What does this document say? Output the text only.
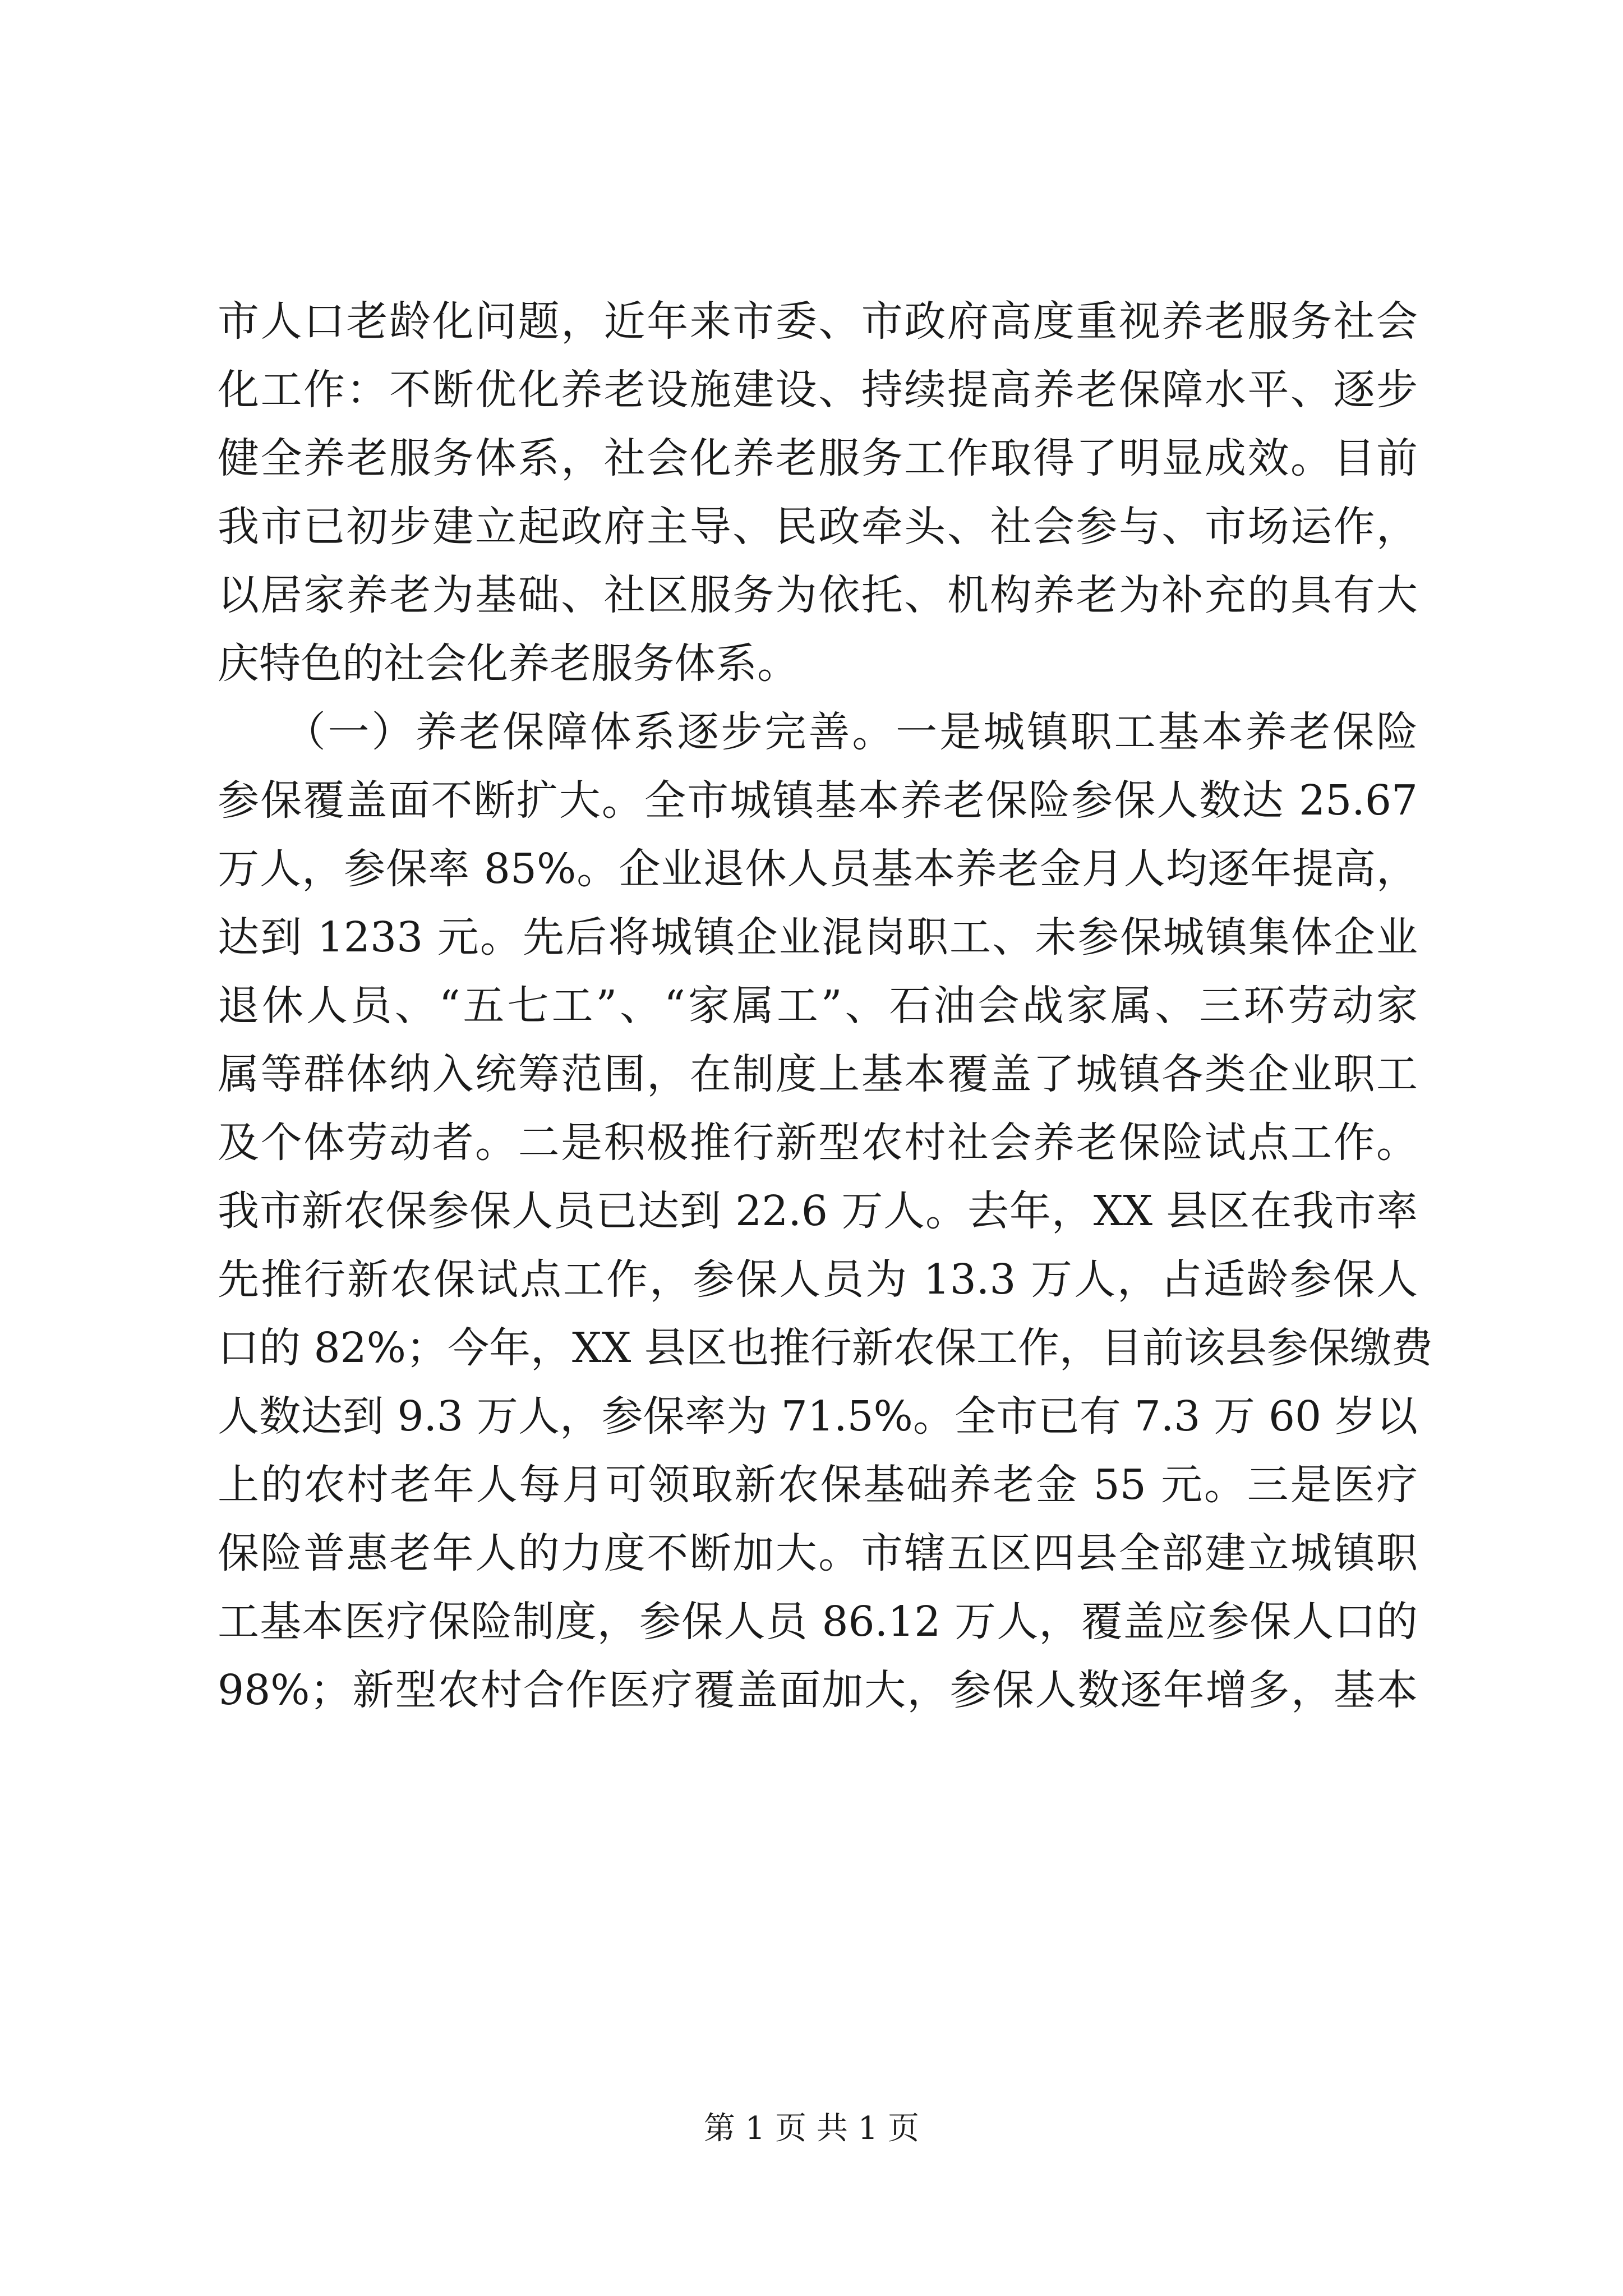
市人口老龄化问题，近年来市委、市政府高度重视养老服务社会
化工作：不断优化养老设施建设、持续提高养老保障水平、逐步
健全养老服务体系，社会化养老服务工作取得了明显成效。目前
我市已初步建立起政府主导、民政牵头、社会参与、市场运作，
以居家养老为基础、社区服务为依托、机构养老为补充的具有大
庆特色的社会化养老服务体系。
　　（一）养老保障体系逐步完善。一是城镇职工基本养老保险
参保覆盖面不断扩大。全市城镇基本养老保险参保人数达 25.67
万人，参保率 85%。企业退休人员基本养老金月人均逐年提高，
达到 1233 元。先后将城镇企业混岗职工、未参保城镇集体企业
退休人员、“五七工”、“家属工”、石油会战家属、三环劳动家
属等群体纳入统筹范围，在制度上基本覆盖了城镇各类企业职工
及个体劳动者。二是积极推行新型农村社会养老保险试点工作。
我市新农保参保人员已达到 22.6 万人。去年，XX 县区在我市率
先推行新农保试点工作，参保人员为 13.3 万人，占适龄参保人
口的 82%；今年，XX 县区也推行新农保工作，目前该县参保缴费
人数达到 9.3 万人，参保率为 71.5%。全市已有 7.3 万 60 岁以
上的农村老年人每月可领取新农保基础养老金 55 元。三是医疗
保险普惠老年人的力度不断加大。市辖五区四县全部建立城镇职
工基本医疗保险制度，参保人员 86.12 万人，覆盖应参保人口的
98%；新型农村合作医疗覆盖面加大，参保人数逐年增多，基本
第 1 页 共 1 页
